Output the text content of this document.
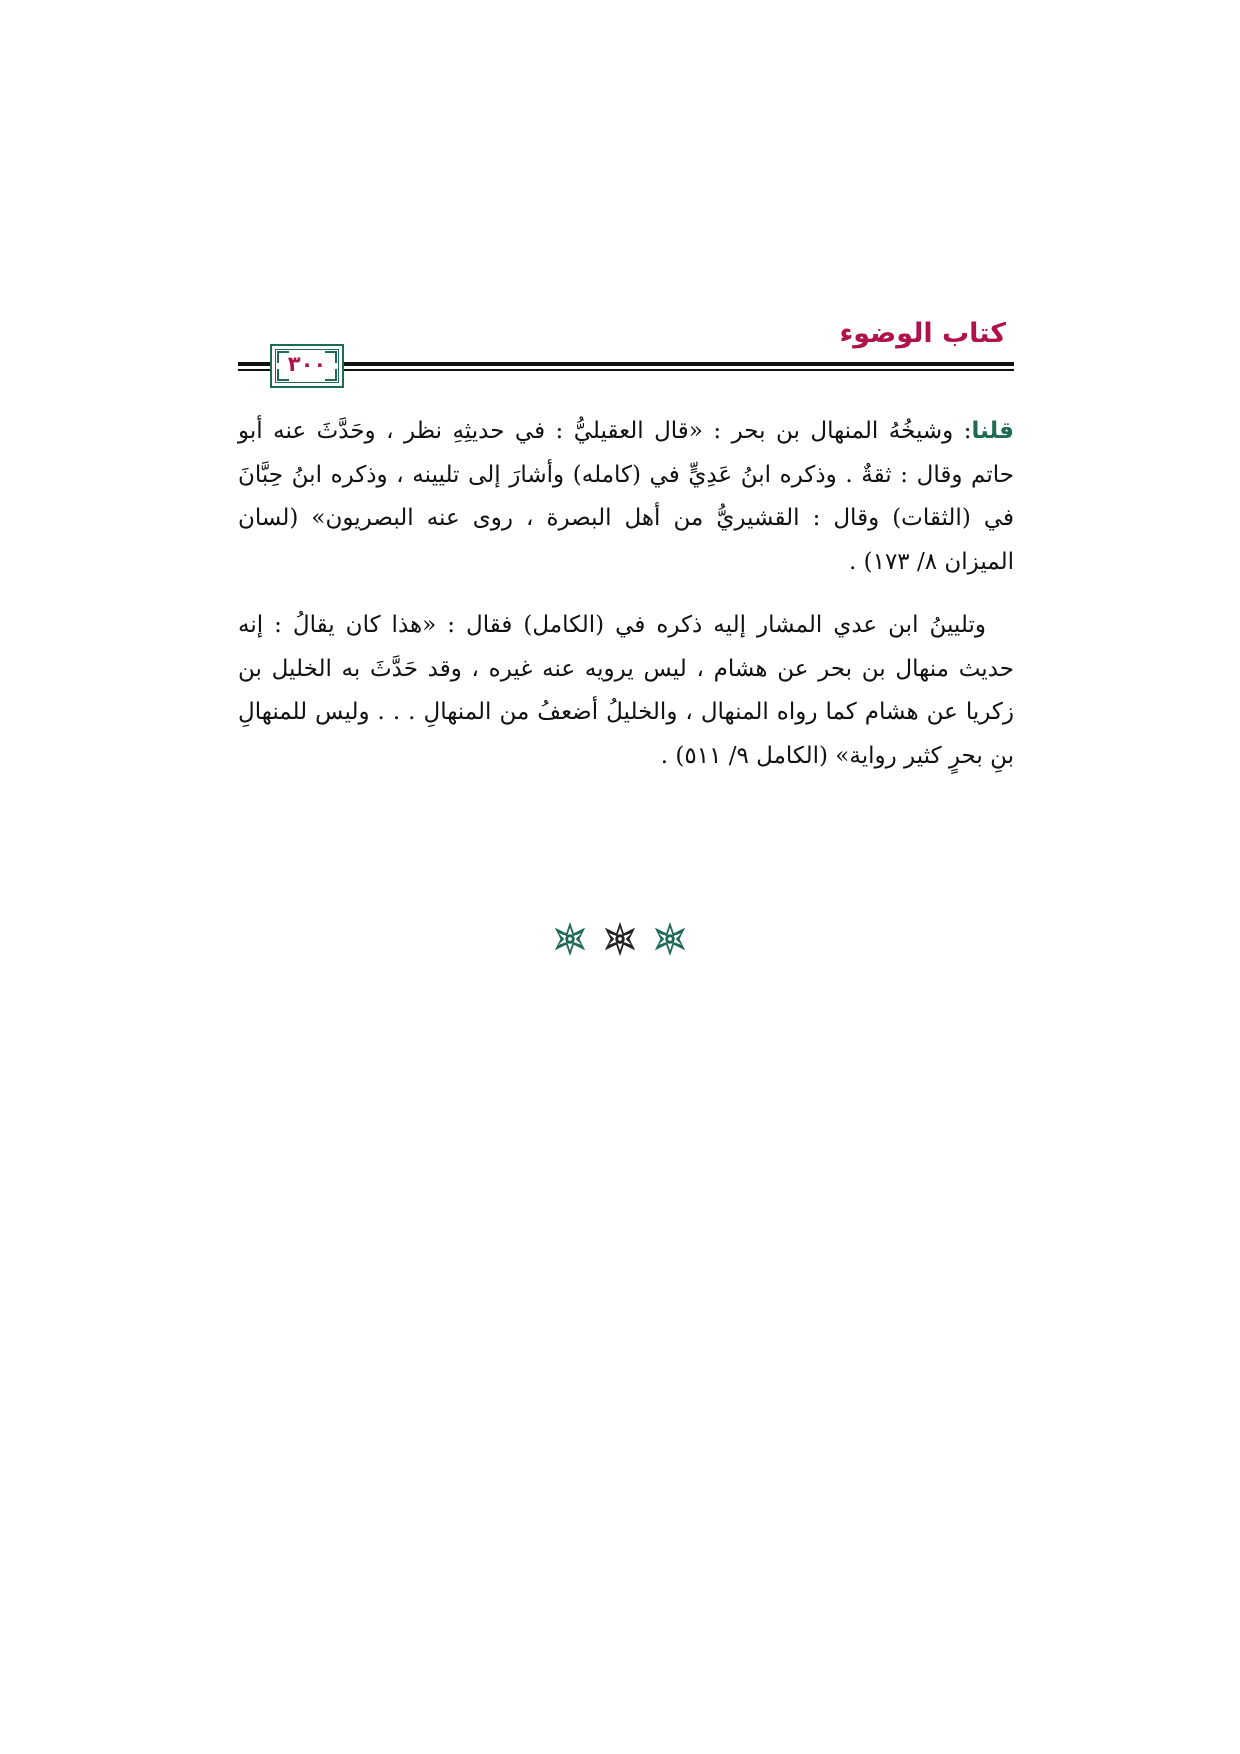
كتاب الوضوء
٣٠٠

قلنا: وشيخُهُ المنهال بن بحر : «قال العقيليُّ : في حديثِهِ نظر ، وحَدَّثَ عنه أبو حاتم وقال : ثقةٌ . وذكره ابنُ عَدِيٍّ في (كامله) وأشارَ إلى تليينه ، وذكره ابنُ حِبَّانَ في (الثقات) وقال : القشيريُّ من أهل البصرة ، روى عنه البصريون» (لسان الميزان ٨/ ١٧٣) .

وتليينُ ابن عدي المشار إليه ذكره في (الكامل) فقال : «هذا كان يقالُ : إنه حديث منهال بن بحر عن هشام ، ليس يرويه عنه غيره ، وقد حَدَّثَ به الخليل بن زكريا عن هشام كما رواه المنهال ، والخليلُ أضعفُ من المنهالِ . . . وليس للمنهالِ بنِ بحرٍ كثير رواية» (الكامل ٩/ ٥١١) .
